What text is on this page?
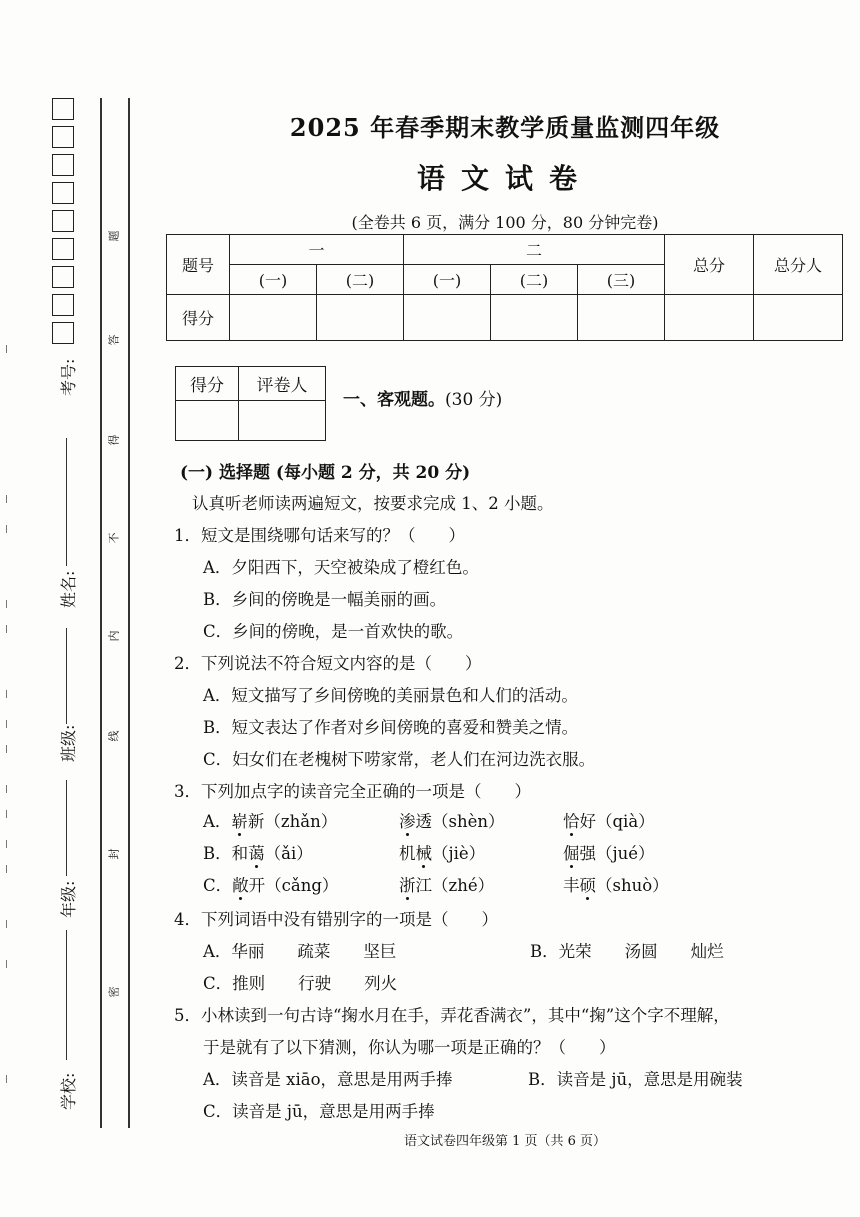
考号:
姓名:
班级:
年级:
学校:
题
答
得
不
内
线
封
密
2025 年春季期末教学质量监测四年级
语文试卷
(全卷共 6 页，满分 100 分，80 分钟完卷)
题号	一		二			总分	总分人
	(一)	(二)	(一)	(二)	(三)		
得分							
得分	评卷人

一、客观题。(30 分)
(一) 选择题 (每小题 2 分，共 20 分)
认真听老师读两遍短文，按要求完成 1、2 小题。
1．短文是围绕哪句话来写的？（　　）
A．夕阳西下，天空被染成了橙红色。
B．乡间的傍晚是一幅美丽的画。
C．乡间的傍晚，是一首欢快的歌。
2．下列说法不符合短文内容的是（　　）
A．短文描写了乡间傍晚的美丽景色和人们的活动。
B．短文表达了作者对乡间傍晚的喜爱和赞美之情。
C．妇女们在老槐树下唠家常，老人们在河边洗衣服。
3．下列加点字的读音完全正确的一项是（　　）
A．崭新（zhǎn）	渗透（shèn）	恰好（qià）
B．和蔼（ǎi）	机械（jiè）	倔强（jué）
C．敞开（cǎng）	浙江（zhé）	丰硕（shuò）
4．下列词语中没有错别字的一项是（　　）
A．华丽　　疏菜　　坚巨	B．光荣　　汤圆　　灿烂
C．推则　　行驶　　列火
5．小林读到一句古诗“掬水月在手，弄花香满衣”，其中“掬”这个字不理解，
于是就有了以下猜测，你认为哪一项是正确的？（　　）
A．读音是 xiāo，意思是用两手捧	B．读音是 jū，意思是用碗装
C．读音是 jū，意思是用两手捧
语文试卷四年级第 1 页（共 6 页）
